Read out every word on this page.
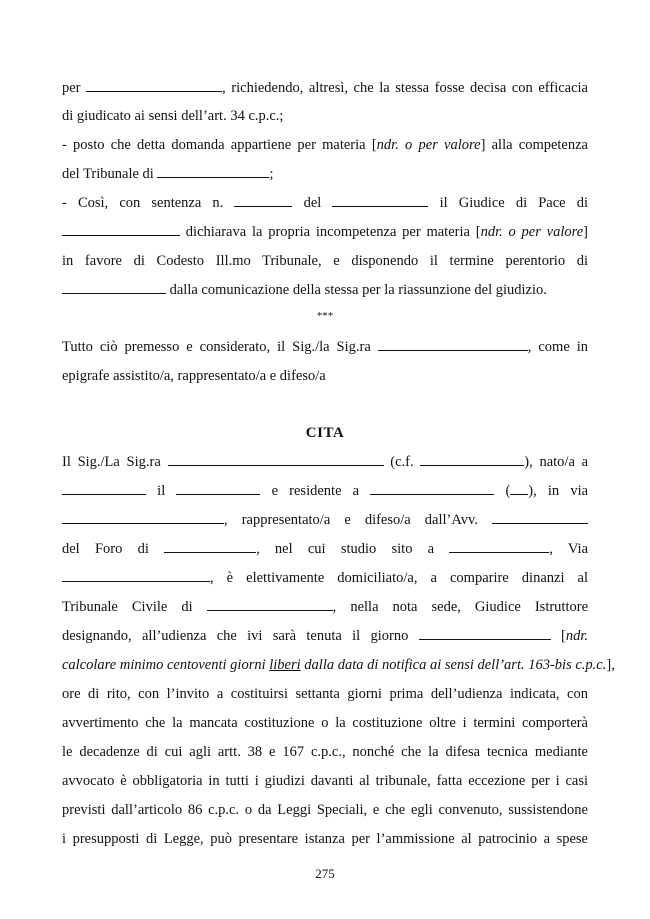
per	, richiedendo, altresì, che la stessa fosse decisa con efficacia
di giudicato ai sensi dell’art. 34 c.p.c.;
- posto che detta domanda appartiene per materia [ndr. o per valore] alla competenza
del Tribunale di	;
- Così, con sentenza n.	del	il Giudice di Pace di
dichiarava la propria incompetenza per materia [ndr. o per valore]
in favore di Codesto Ill.mo Tribunale, e disponendo il termine perentorio di
dalla comunicazione della stessa per la riassunzione del giudizio.
***
Tutto ciò premesso e considerato, il Sig./la Sig.ra	, come in
epigrafe assistito/a, rappresentato/a e difeso/a
CITA
Il Sig./La Sig.ra	(c.f.	), nato/a a
il	e residente a	( ), in via
, rappresentato/a e difeso/a dall’Avv.
del Foro di	, nel cui studio sito a	, Via
, è elettivamente domiciliato/a, a comparire dinanzi al
Tribunale Civile di	, nella nota sede, Giudice Istruttore
designando, all’udienza che ivi sarà tenuta il giorno	[ndr.
calcolare minimo centoventi giorni liberi dalla data di notifica ai sensi dell’art. 163-bis c.p.c.],
ore di rito, con l’invito a costituirsi settanta giorni prima dell’udienza indicata, con
avvertimento che la mancata costituzione o la costituzione oltre i termini comporterà
le decadenze di cui agli artt. 38 e 167 c.p.c., nonché che la difesa tecnica mediante
avvocato è obbligatoria in tutti i giudizi davanti al tribunale, fatta eccezione per i casi
previsti dall’articolo 86 c.p.c. o da Leggi Speciali, e che egli convenuto, sussistendone
i presupposti di Legge, può presentare istanza per l’ammissione al patrocinio a spese
275
